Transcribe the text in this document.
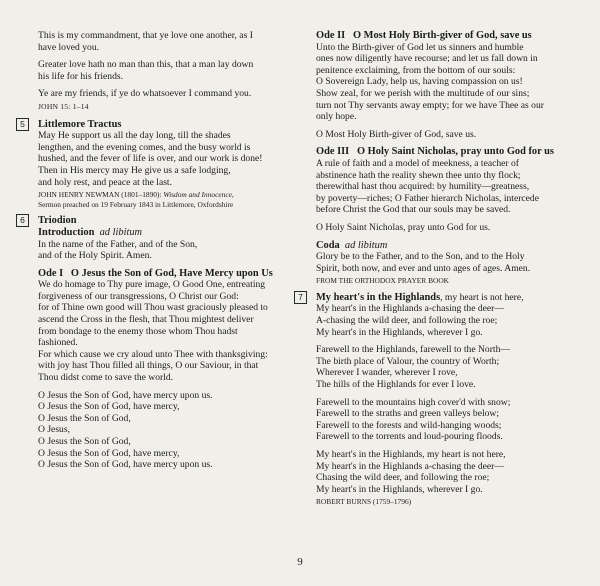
This is my commandment, that ye love one another, as I
have loved you.

Greater love hath no man than this, that a man lay down
his life for his friends.

Ye are my friends, if ye do whatsoever I command you.

JOHN 15: 1–14

5	Littlemore Tractus

May He support us all the day long, till the shades
lengthen, and the evening comes, and the busy world is
hushed, and the fever of life is over, and our work is done!
Then in His mercy may He give us a safe lodging,
and holy rest, and peace at the last.

JOHN HENRY NEWMAN (1801–1890): Wisdom and Innocence,
Sermon preached on 19 February 1843 in Littlemore, Oxfordshire

6	Triodion

Introduction ad libitum

In the name of the Father, and of the Son,
and of the Holy Spirit. Amen.

Ode I O Jesus the Son of God, Have Mercy upon Us

We do homage to Thy pure image, O Good One, entreating
forgiveness of our transgressions, O Christ our God:
for of Thine own good will Thou wast graciously pleased to
ascend the Cross in the flesh, that Thou mightest deliver
from bondage to the enemy those whom Thou hadst
fashioned.
For which cause we cry aloud unto Thee with thanksgiving:
with joy hast Thou filled all things, O our Saviour, in that
Thou didst come to save the world.

O Jesus the Son of God, have mercy upon us.
O Jesus the Son of God, have mercy,
O Jesus the Son of God,
O Jesus,
O Jesus the Son of God,
O Jesus the Son of God, have mercy,
O Jesus the Son of God, have mercy upon us.

Ode II O Most Holy Birth-giver of God, save us

Unto the Birth-giver of God let us sinners and humble
ones now diligently have recourse; and let us fall down in
penitence exclaiming, from the bottom of our souls:
O Sovereign Lady, help us, having compassion on us!
Show zeal, for we perish with the multitude of our sins;
turn not Thy servants away empty; for we have Thee as our
only hope.

O Most Holy Birth-giver of God, save us.

Ode III O Holy Saint Nicholas, pray unto God for us

A rule of faith and a model of meekness, a teacher of
abstinence hath the reality shewn thee unto thy flock;
therewithal hast thou acquired: by humility—greatness,
by poverty—riches; O Father hierarch Nicholas, intercede
before Christ the God that our souls may be saved.

O Holy Saint Nicholas, pray unto God for us.

Coda ad libitum

Glory be to the Father, and to the Son, and to the Holy
Spirit, both now, and ever and unto ages of ages. Amen.

FROM THE ORTHODOX PRAYER BOOK

7	My heart's in the Highlands, my heart is not here,

My heart's in the Highlands a-chasing the deer—
A-chasing the wild deer, and following the roe;
My heart's in the Highlands, wherever I go.

Farewell to the Highlands, farewell to the North—
The birth place of Valour, the country of Worth;
Wherever I wander, wherever I rove,
The hills of the Highlands for ever I love.

Farewell to the mountains high cover'd with snow;
Farewell to the straths and green valleys below;
Farewell to the forests and wild-hanging woods;
Farewell to the torrents and loud-pouring floods.

My heart's in the Highlands, my heart is not here,
My heart's in the Highlands a-chasing the deer—
Chasing the wild deer, and following the roe;
My heart's in the Highlands, wherever I go.

ROBERT BURNS (1759–1796)

9
